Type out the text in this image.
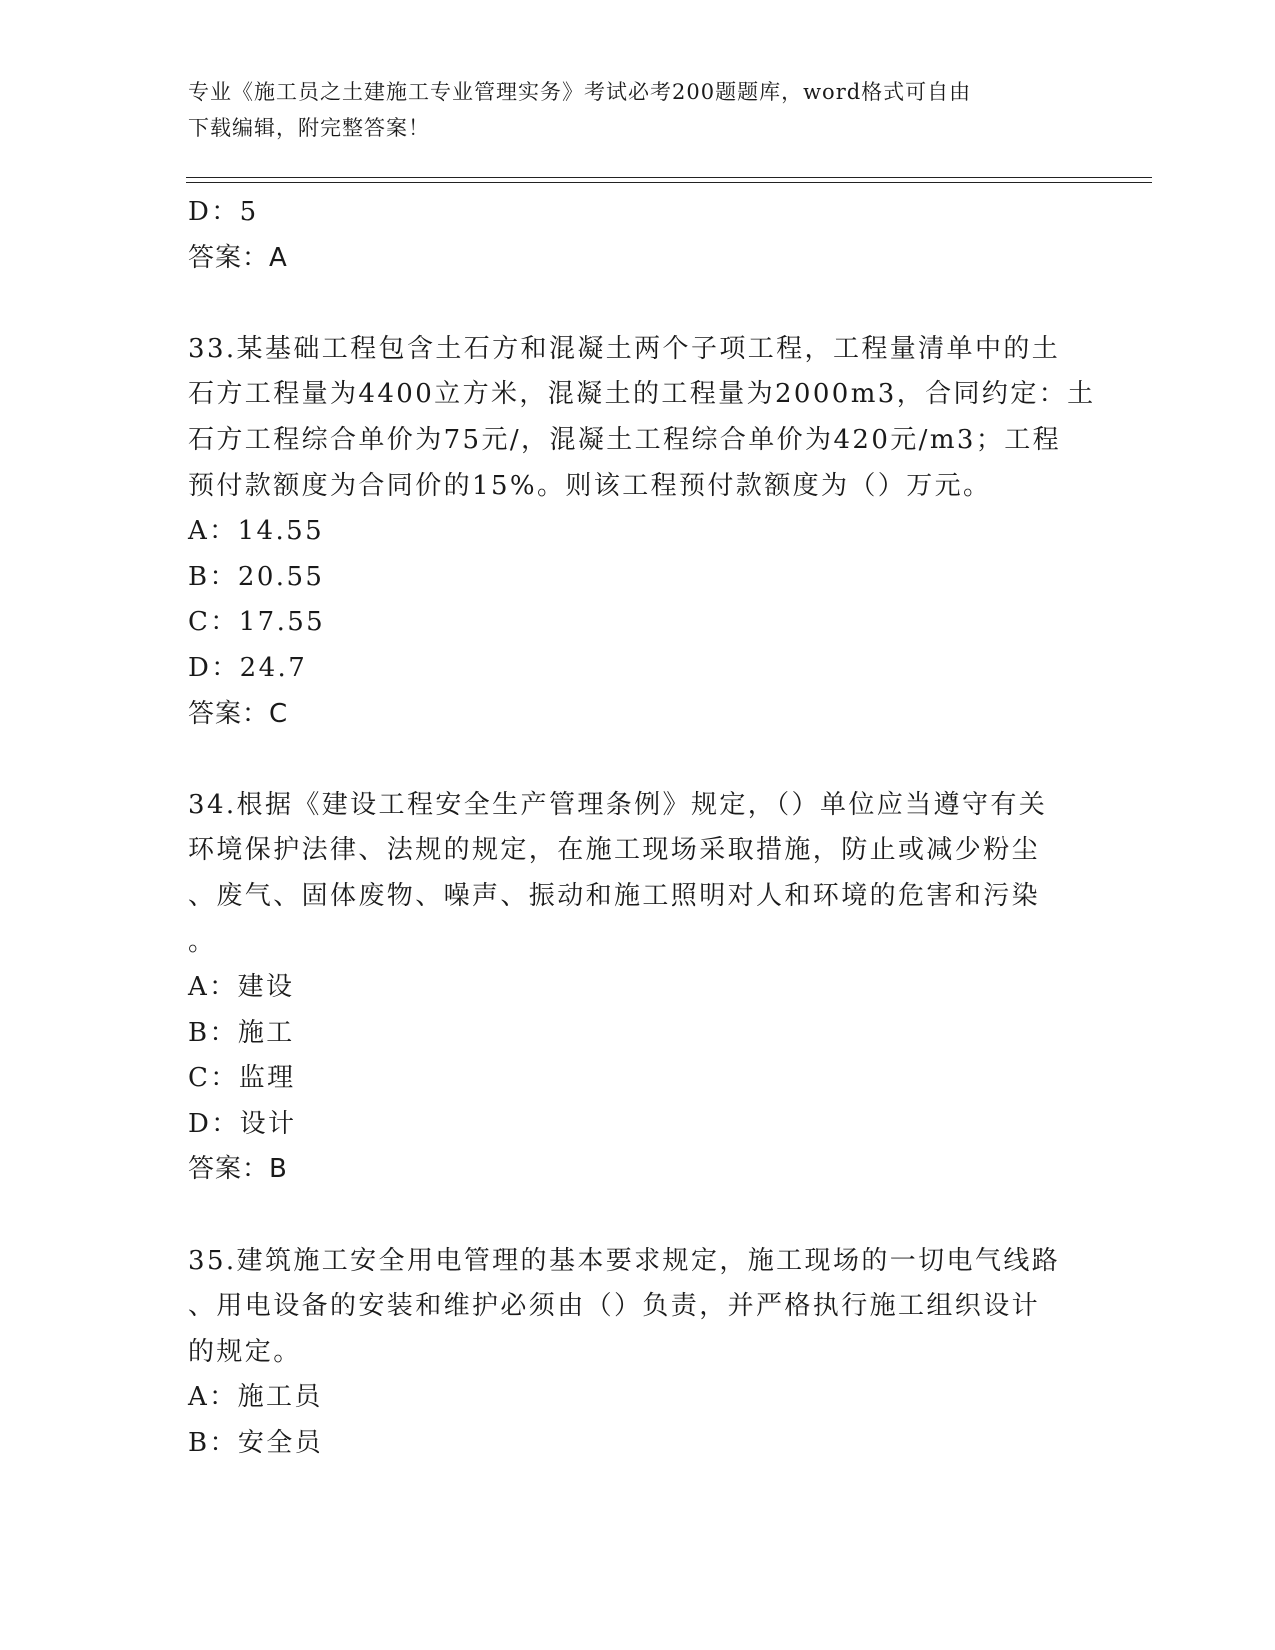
专业《施工员之土建施工专业管理实务》考试必考200题题库，word格式可自由
下载编辑，附完整答案！
D：5
答案：A
33.某基础工程包含土石方和混凝土两个子项工程，工程量清单中的土
石方工程量为4400立方米，混凝土的工程量为2000m3，合同约定：土
石方工程综合单价为75元/，混凝土工程综合单价为420元/m3；工程
预付款额度为合同价的15%。则该工程预付款额度为（）万元。
A：14.55
B：20.55
C：17.55
D：24.7
答案：C
34.根据《建设工程安全生产管理条例》规定，（）单位应当遵守有关
环境保护法律、法规的规定，在施工现场采取措施，防止或减少粉尘
、废气、固体废物、噪声、振动和施工照明对人和环境的危害和污染
。
A：建设
B：施工
C：监理
D：设计
答案：B
35.建筑施工安全用电管理的基本要求规定，施工现场的一切电气线路
、用电设备的安装和维护必须由（）负责，并严格执行施工组织设计
的规定。
A：施工员
B：安全员
